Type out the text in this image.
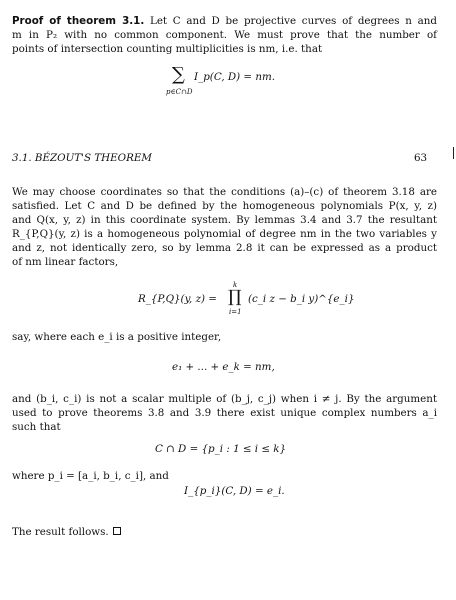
Proof of theorem 3.1. Let C and D be projective curves of degrees n and
m in P₂ with no common component. We must prove that the number of
points of intersection counting multiplicities is nm, i.e. that
∑
p∈C∩D
I_p(C, D) = nm.
3.1. BÉZOUT'S THEOREM	63
We may choose coordinates so that the conditions (a)–(c) of theorem 3.18 are
satisfied. Let C and D be defined by the homogeneous polynomials P(x, y, z)
and Q(x, y, z) in this coordinate system. By lemmas 3.4 and 3.7 the resultant
R_{P,Q}(y, z) is a homogeneous polynomial of degree nm in the two variables y
and z, not identically zero, so by lemma 2.8 it can be expressed as a product
of nm linear factors,
R_{P,Q}(y, z) =
k
∏
i=1
(c_i z − b_i y)^{e_i}
say, where each e_i is a positive integer,
e₁ + ... + e_k = nm,
and (b_i, c_i) is not a scalar multiple of (b_j, c_j) when i ≠ j. By the argument
used to prove theorems 3.8 and 3.9 there exist unique complex numbers a_i
such that
C ∩ D = {p_i : 1 ≤ i ≤ k}
where p_i = [a_i, b_i, c_i], and
I_{p_i}(C, D) = e_i.
The result follows.
